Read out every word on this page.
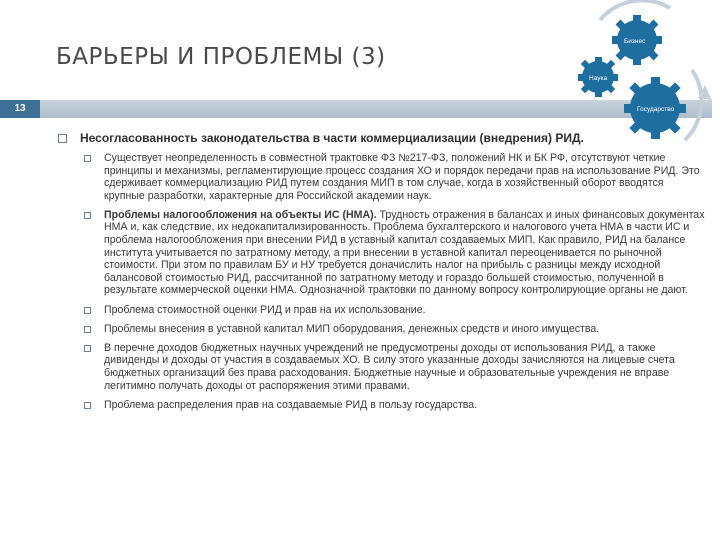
БАРЬЕРЫ И ПРОБЛЕМЫ (3)
13
Бизнес
Наука
Государство
Несогласованность законодательства в части коммерциализации (внедрения) РИД.
Существует неопределенность в совместной трактовке ФЗ №217-ФЗ, положений НК и БК РФ, отсутствуют четкие принципы и механизмы, регламентирующие процесс создания ХО и порядок передачи прав на использование РИД. Это сдерживает коммерциализацию РИД путем создания МИП в том случае, когда в хозяйственный оборот вводятся крупные разработки, характерные для Российской академии наук.
Проблемы налогообложения на объекты ИС (НМА). Трудность отражения в балансах и иных финансовых документах НМА и, как следствие, их недокапитализированность. Проблема бухгалтерского и налогового учета НМА в части ИС и проблема налогообложения при внесении РИД в уставный капитал создаваемых МИП. Как правило, РИД на балансе института учитывается по затратному методу, а при внесении в уставной капитал переоценивается по рыночной стоимости. При этом по правилам БУ и НУ требуется доначислить налог на прибыль с разницы между исходной балансовой стоимостью РИД, рассчитанной по затратному методу и гораздо большей стоимостью, полученной в результате коммерческой оценки НМА. Однозначной трактовки по данному вопросу контролирующие органы не дают.
Проблема стоимостной оценки РИД и прав на их использование.
Проблемы внесения в уставной капитал МИП оборудования, денежных средств и иного имущества.
В перечне доходов бюджетных научных учреждений не предусмотрены доходы от использования РИД, а также дивиденды и доходы от участия в создаваемых ХО. В силу этого указанные доходы зачисляются на лицевые счета бюджетных организаций без права расходования. Бюджетные научные и образовательные учреждения не вправе легитимно получать доходы от распоряжения этими правами.
Проблема распределения прав на создаваемые РИД в пользу государства.
